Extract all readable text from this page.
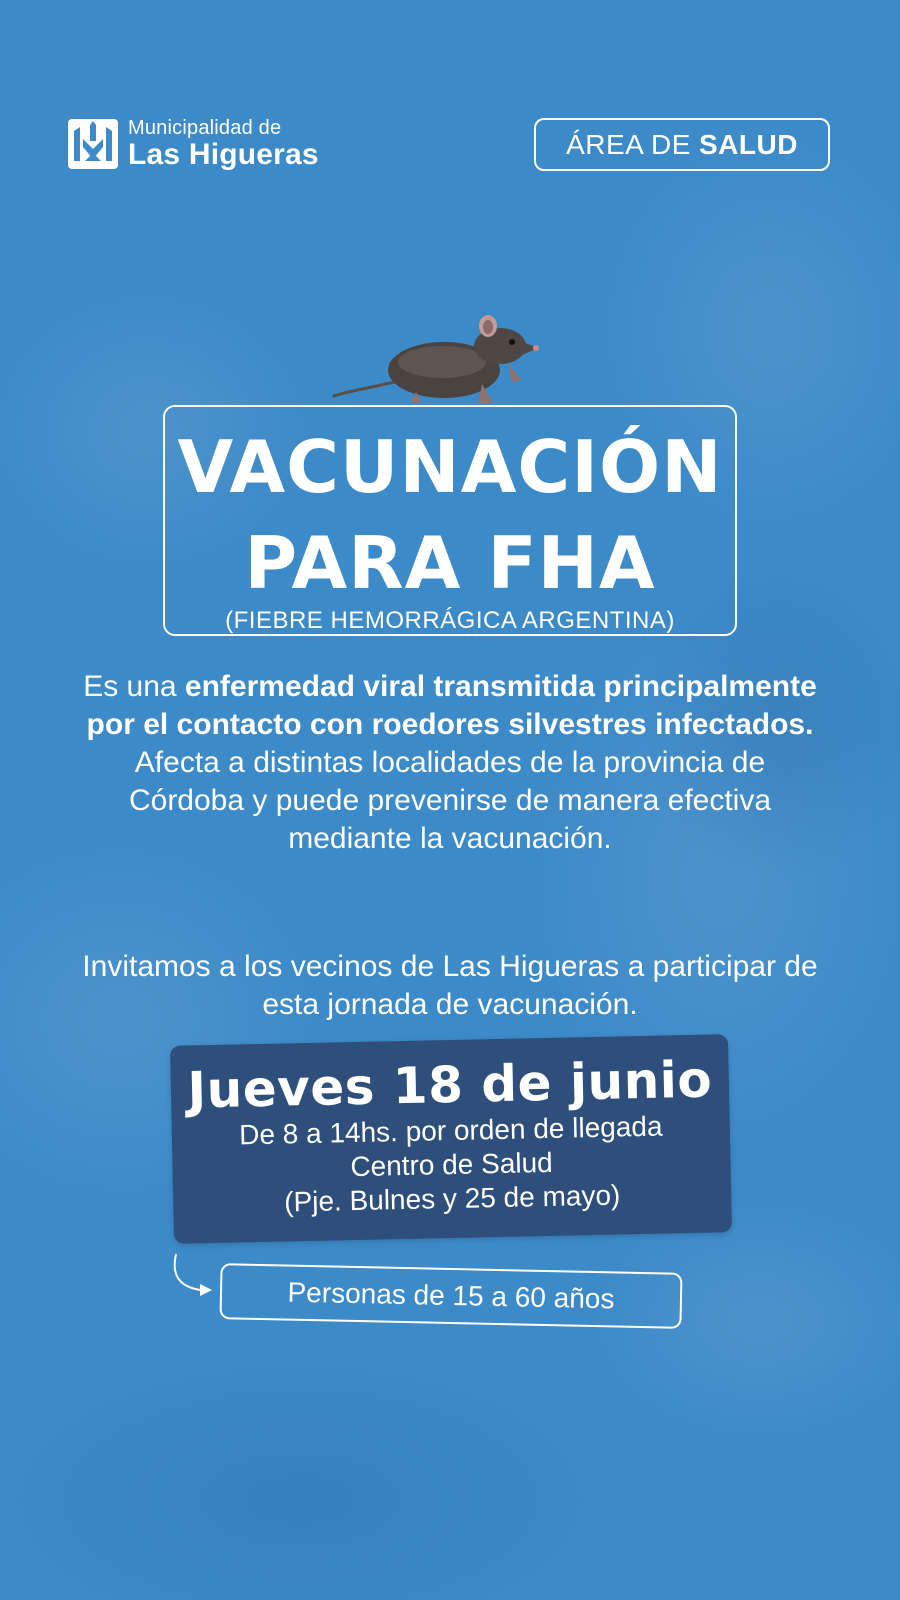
Municipalidad de
Las Higueras	ÁREA DE SALUD
VACUNACIÓN
PARA FHA
(FIEBRE HEMORRÁGICA ARGENTINA)
Es una enfermedad viral transmitida principalmente por el contacto con roedores silvestres infectados. Afecta a distintas localidades de la provincia de Córdoba y puede prevenirse de manera efectiva mediante la vacunación.
Invitamos a los vecinos de Las Higueras a participar de esta jornada de vacunación.
Jueves 18 de junio
De 8 a 14hs. por orden de llegada
Centro de Salud
(Pje. Bulnes y 25 de mayo)
Personas de 15 a 60 años
